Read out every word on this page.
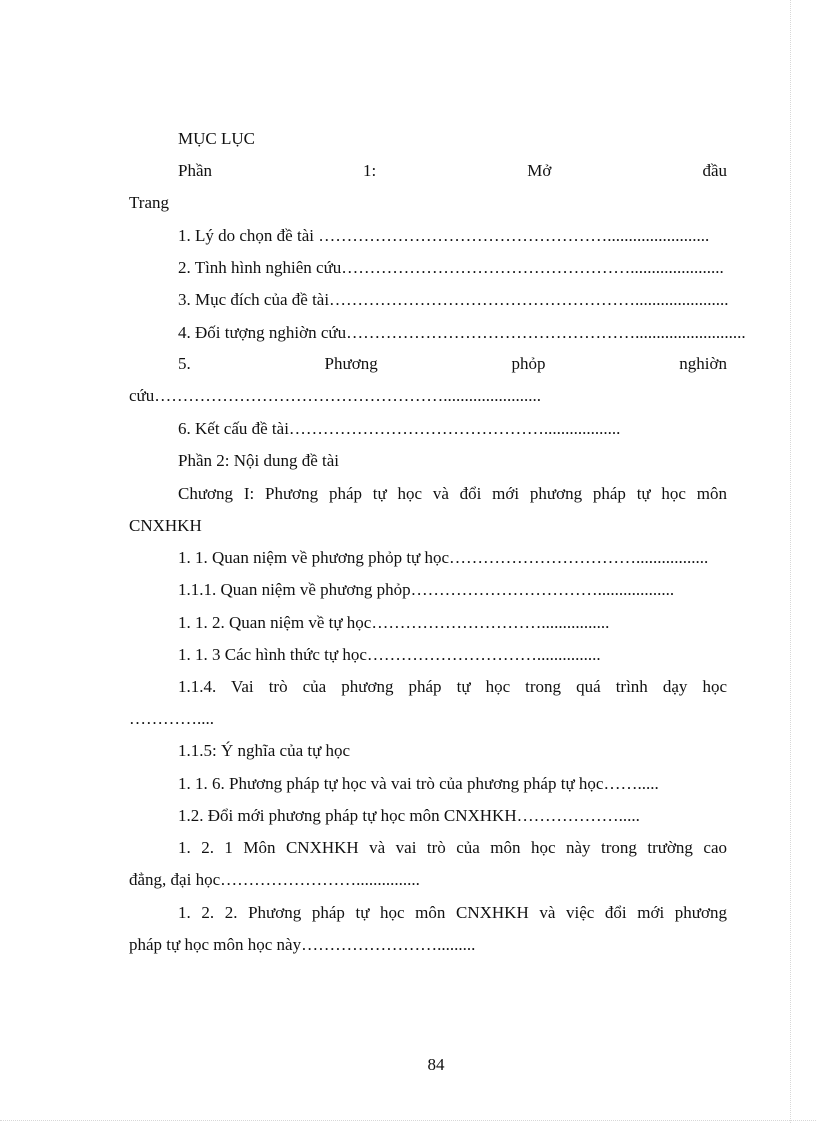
MỤC LỤC
Phần 1: Mở đầu
Trang
1. Lý do chọn đề tài ……………………………………………........................
2. Tình hình nghiên cứu……………………………………………......................
3. Mục đích của đề tài………………………………………………......................
4. Đối tượng nghiờn cứu……………………………………………..........................
5. Phương phỏp nghiờn
cứu…………………………………………….......................
6. Kết cấu đề tài………………………………………..................
Phần 2: Nội dung đề tài
Chương I: Phương pháp tự học và đổi mới phương pháp tự học môn
CNXHKH
1. 1. Quan niệm về phương phỏp tự học…………………………….................
1.1.1. Quan niệm về phương phỏp……………………………..................
1. 1. 2. Quan niệm về tự học…………………………................
1. 1. 3 Các hình thức tự học…………………………...............
1.1.4. Vai trò của phương pháp tự học trong quá trình dạy học
…………....
1.1.5: Ý nghĩa của tự học
1. 1. 6. Phương pháp tự học và vai trò của phương pháp tự học…….....
1.2. Đổi mới phương pháp tự học môn CNXHKH……………….....
1. 2. 1 Môn CNXHKH và vai trò của môn học này trong trường cao
đẳng, đại học……………………...............
1. 2. 2. Phương pháp tự học môn CNXHKH và việc đổi mới phương
pháp tự học môn học này…………………….........
84
